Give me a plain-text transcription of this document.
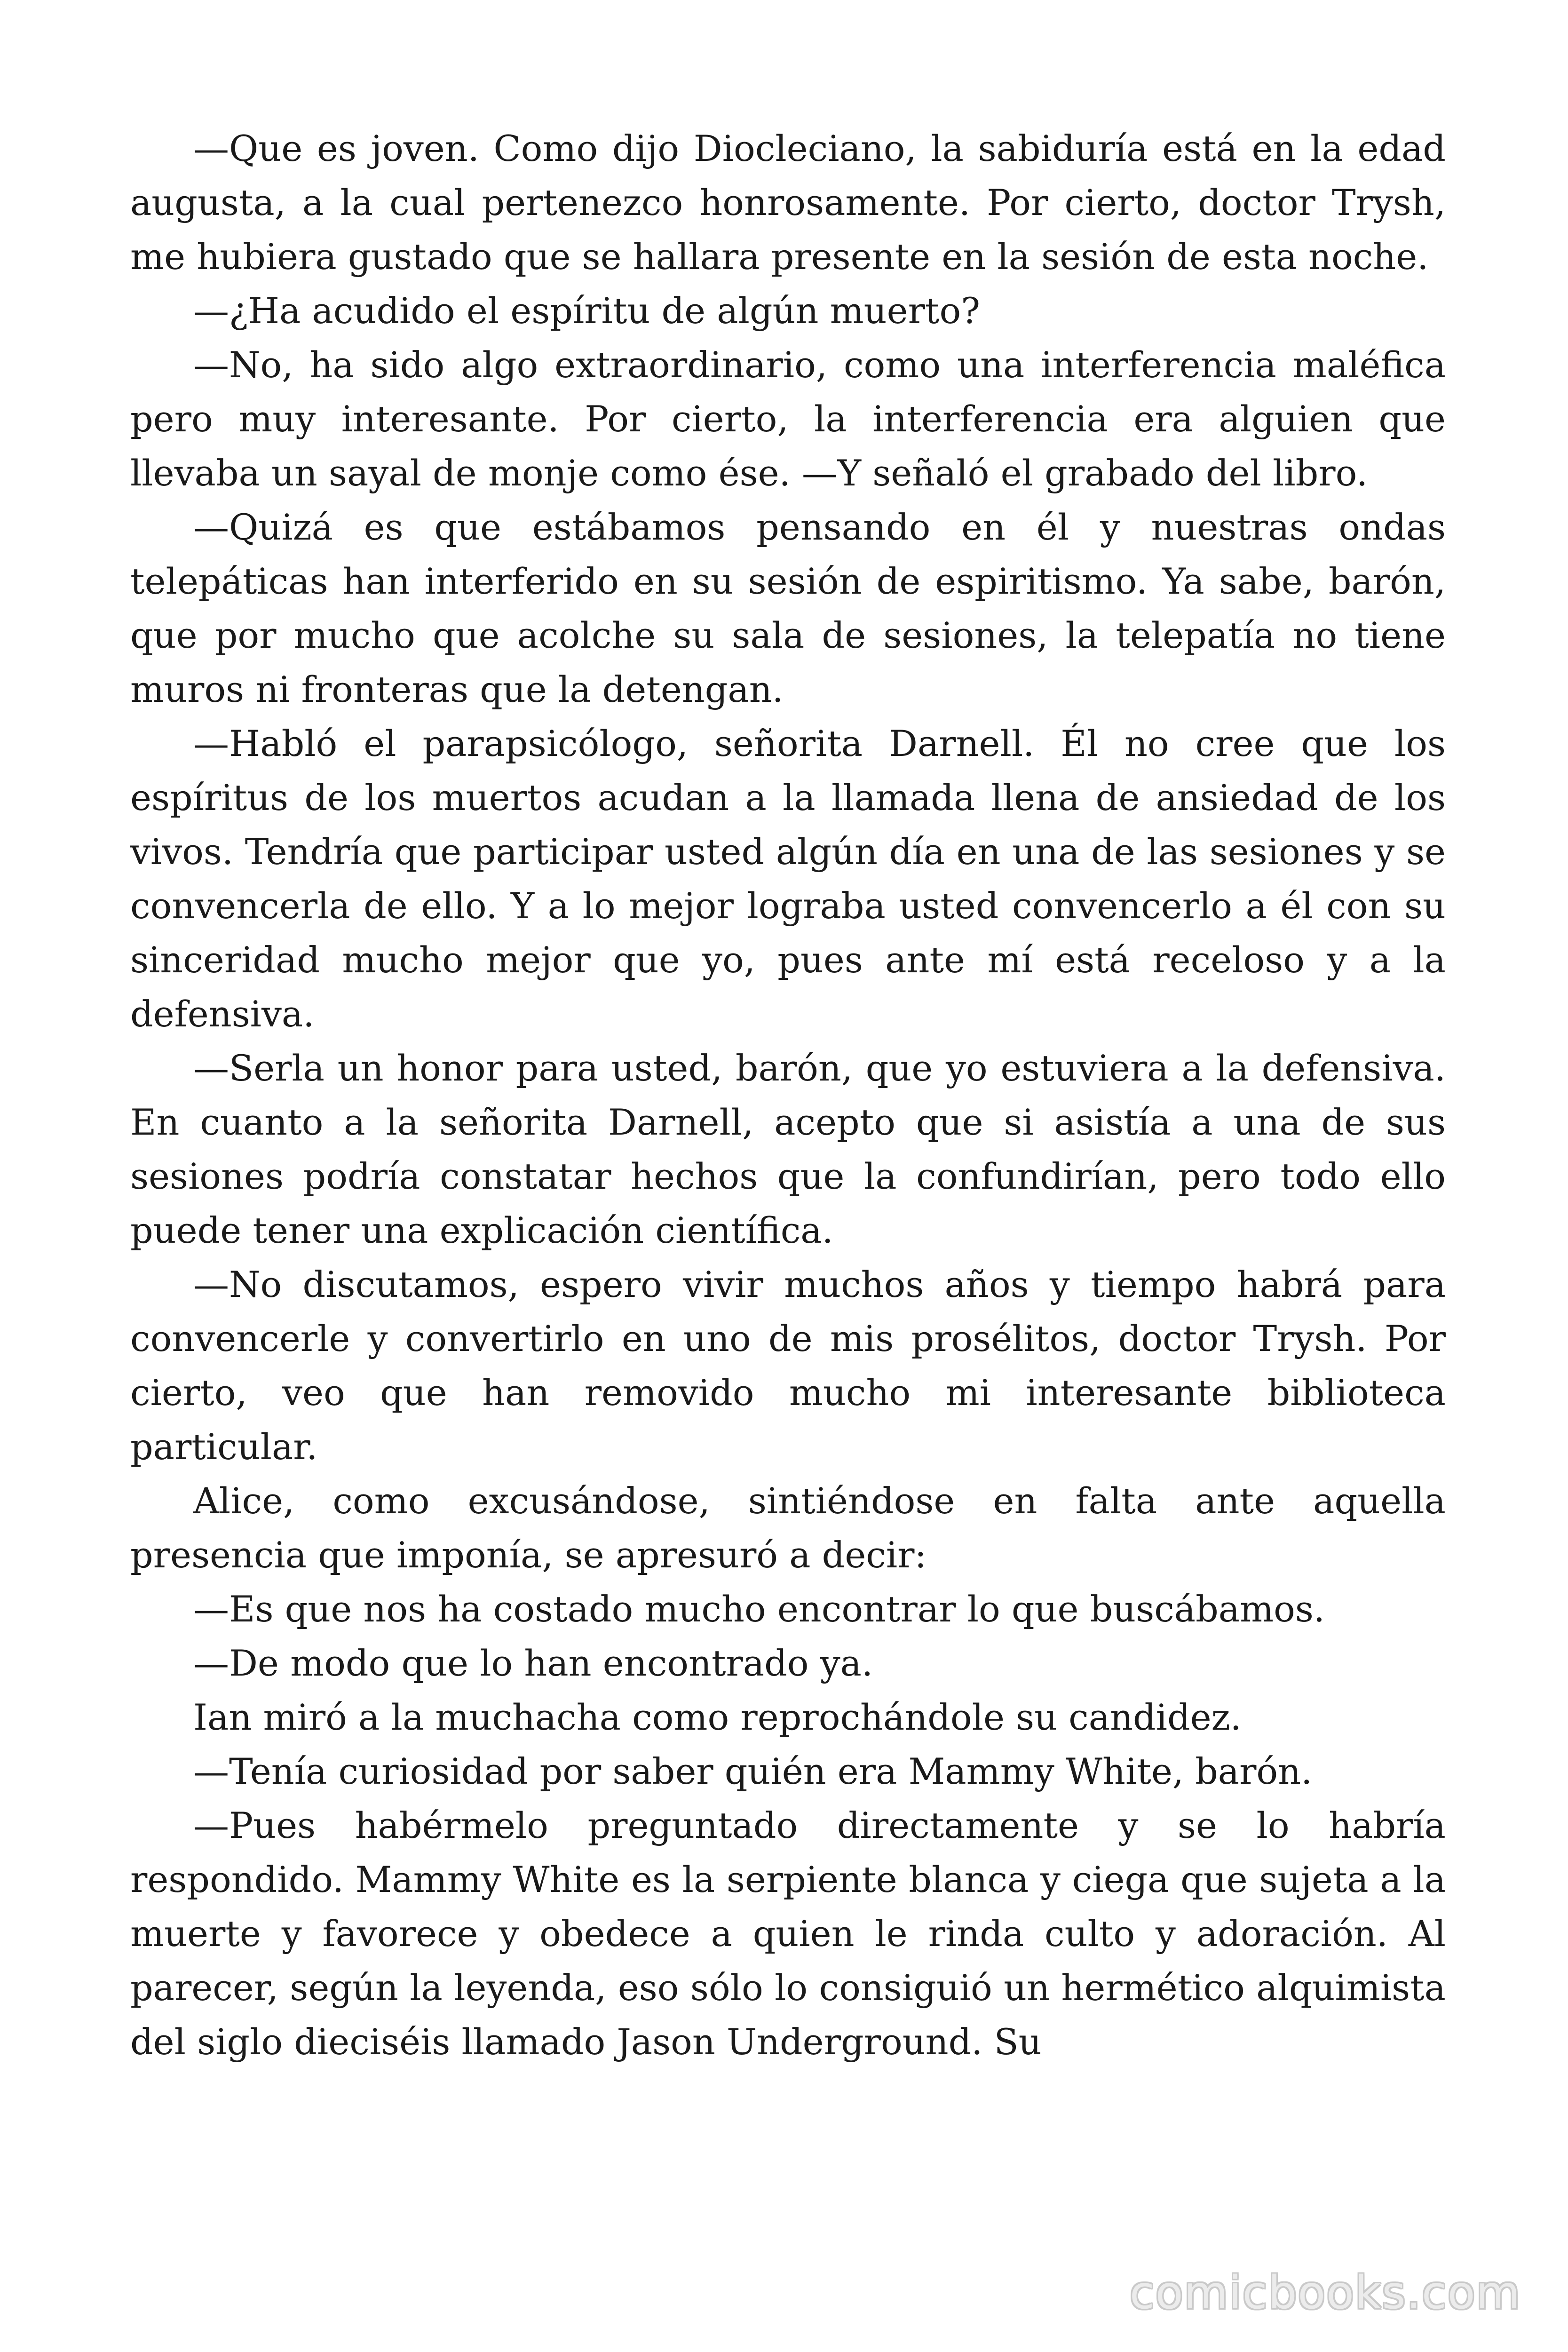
—Que es joven. Como dijo Diocleciano, la sabiduría está en la edad augusta, a la cual pertenezco honrosamente. Por cierto, doctor Trysh, me hubiera gustado que se hallara presente en la sesión de esta noche.

—¿Ha acudido el espíritu de algún muerto?

—No, ha sido algo extraordinario, como una interferencia maléfica pero muy interesante. Por cierto, la interferencia era alguien que llevaba un sayal de monje como ése. —Y señaló el grabado del libro.

—Quizá es que estábamos pensando en él y nuestras ondas telepáticas han interferido en su sesión de espiritismo. Ya sabe, barón, que por mucho que acolche su sala de sesiones, la telepatía no tiene muros ni fronteras que la detengan.

—Habló el parapsicólogo, señorita Darnell. Él no cree que los espíritus de los muertos acudan a la llamada llena de ansiedad de los vivos. Tendría que participar usted algún día en una de las sesiones y se convencerla de ello. Y a lo mejor lograba usted convencerlo a él con su sinceridad mucho mejor que yo, pues ante mí está receloso y a la defensiva.

—Serla un honor para usted, barón, que yo estuviera a la defensiva. En cuanto a la señorita Darnell, acepto que si asistía a una de sus sesiones podría constatar hechos que la confundirían, pero todo ello puede tener una explicación científica.

—No discutamos, espero vivir muchos años y tiempo habrá para convencerle y convertirlo en uno de mis prosélitos, doctor Trysh. Por cierto, veo que han removido mucho mi interesante biblioteca particular.

Alice, como excusándose, sintiéndose en falta ante aquella presencia que imponía, se apresuró a decir:

—Es que nos ha costado mucho encontrar lo que buscábamos.

—De modo que lo han encontrado ya.

Ian miró a la muchacha como reprochándole su candidez.

—Tenía curiosidad por saber quién era Mammy White, barón.

—Pues habérmelo preguntado directamente y se lo habría respondido. Mammy White es la serpiente blanca y ciega que sujeta a la muerte y favorece y obedece a quien le rinda culto y adoración. Al parecer, según la leyenda, eso sólo lo consiguió un hermético alquimista del siglo dieciséis llamado Jason Underground. Su

comicbooks.com
